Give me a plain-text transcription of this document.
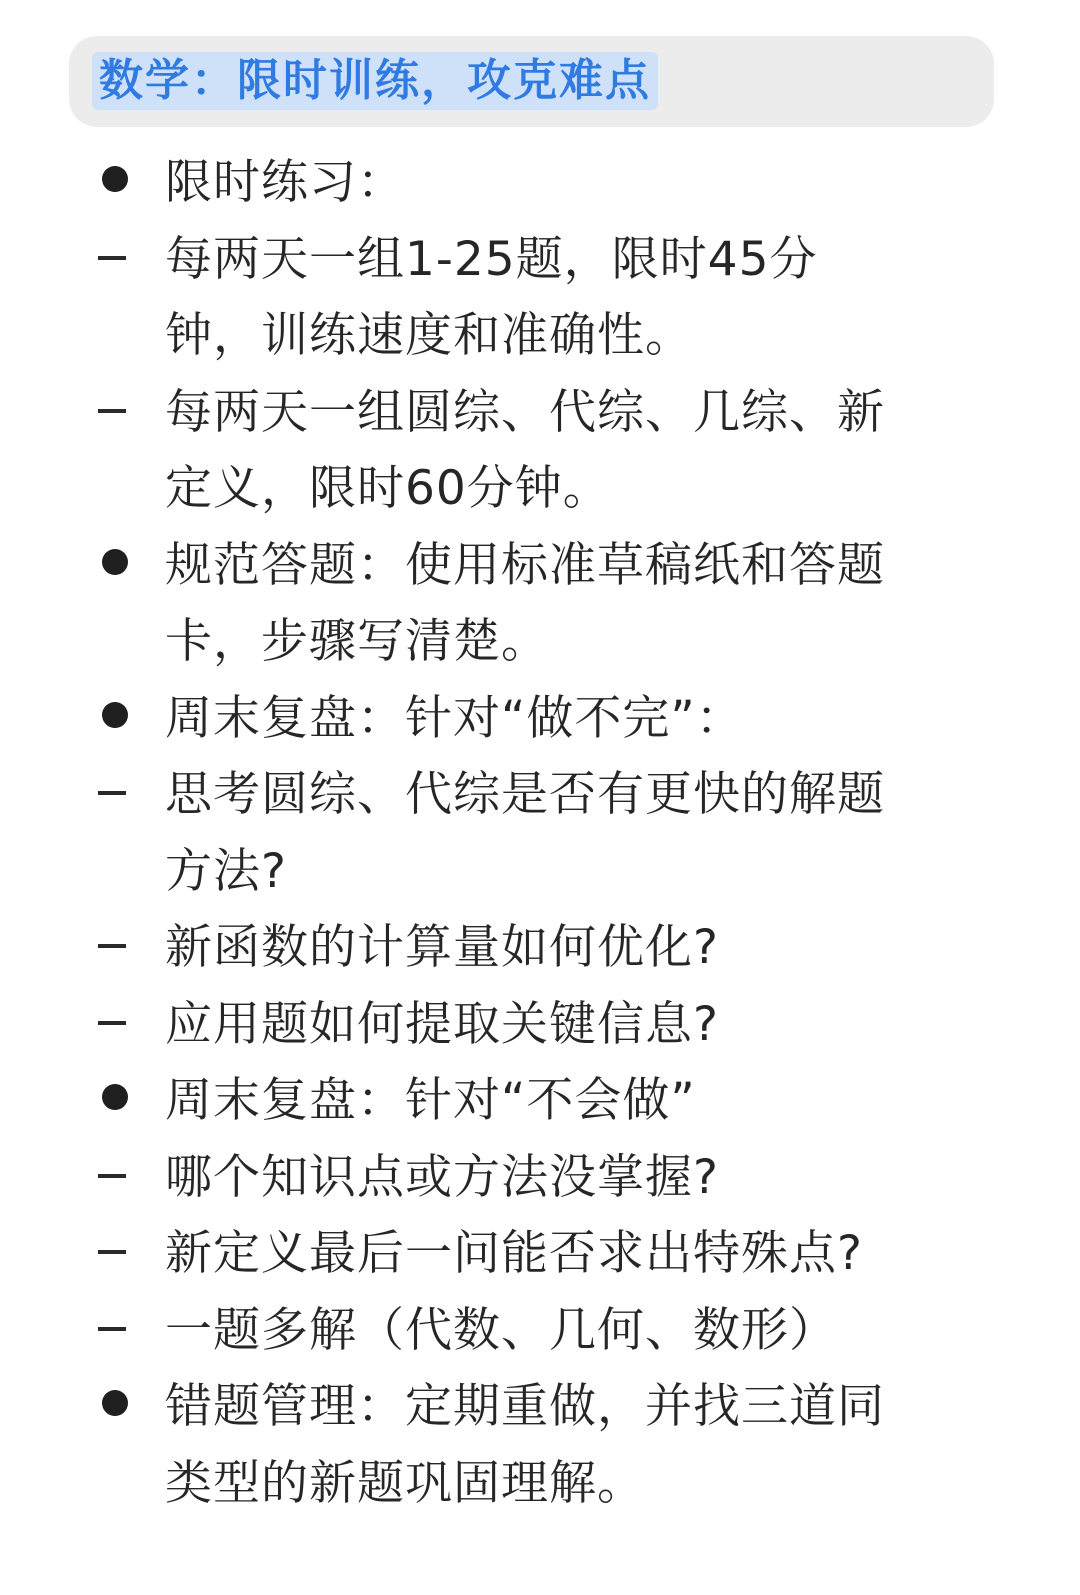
数学：限时训练，攻克难点
限时练习：
每两天一组1-25题，限时45分
钟，训练速度和准确性。
每两天一组圆综、代综、几综、新
定义，限时60分钟。
规范答题：使用标准草稿纸和答题
卡，步骤写清楚。
周末复盘：针对“做不完”：
思考圆综、代综是否有更快的解题
方法?
新函数的计算量如何优化?
应用题如何提取关键信息?
周末复盘：针对“不会做”
哪个知识点或方法没掌握?
新定义最后一问能否求出特殊点?
一题多解（代数、几何、数形）
错题管理：定期重做，并找三道同
类型的新题巩固理解。
